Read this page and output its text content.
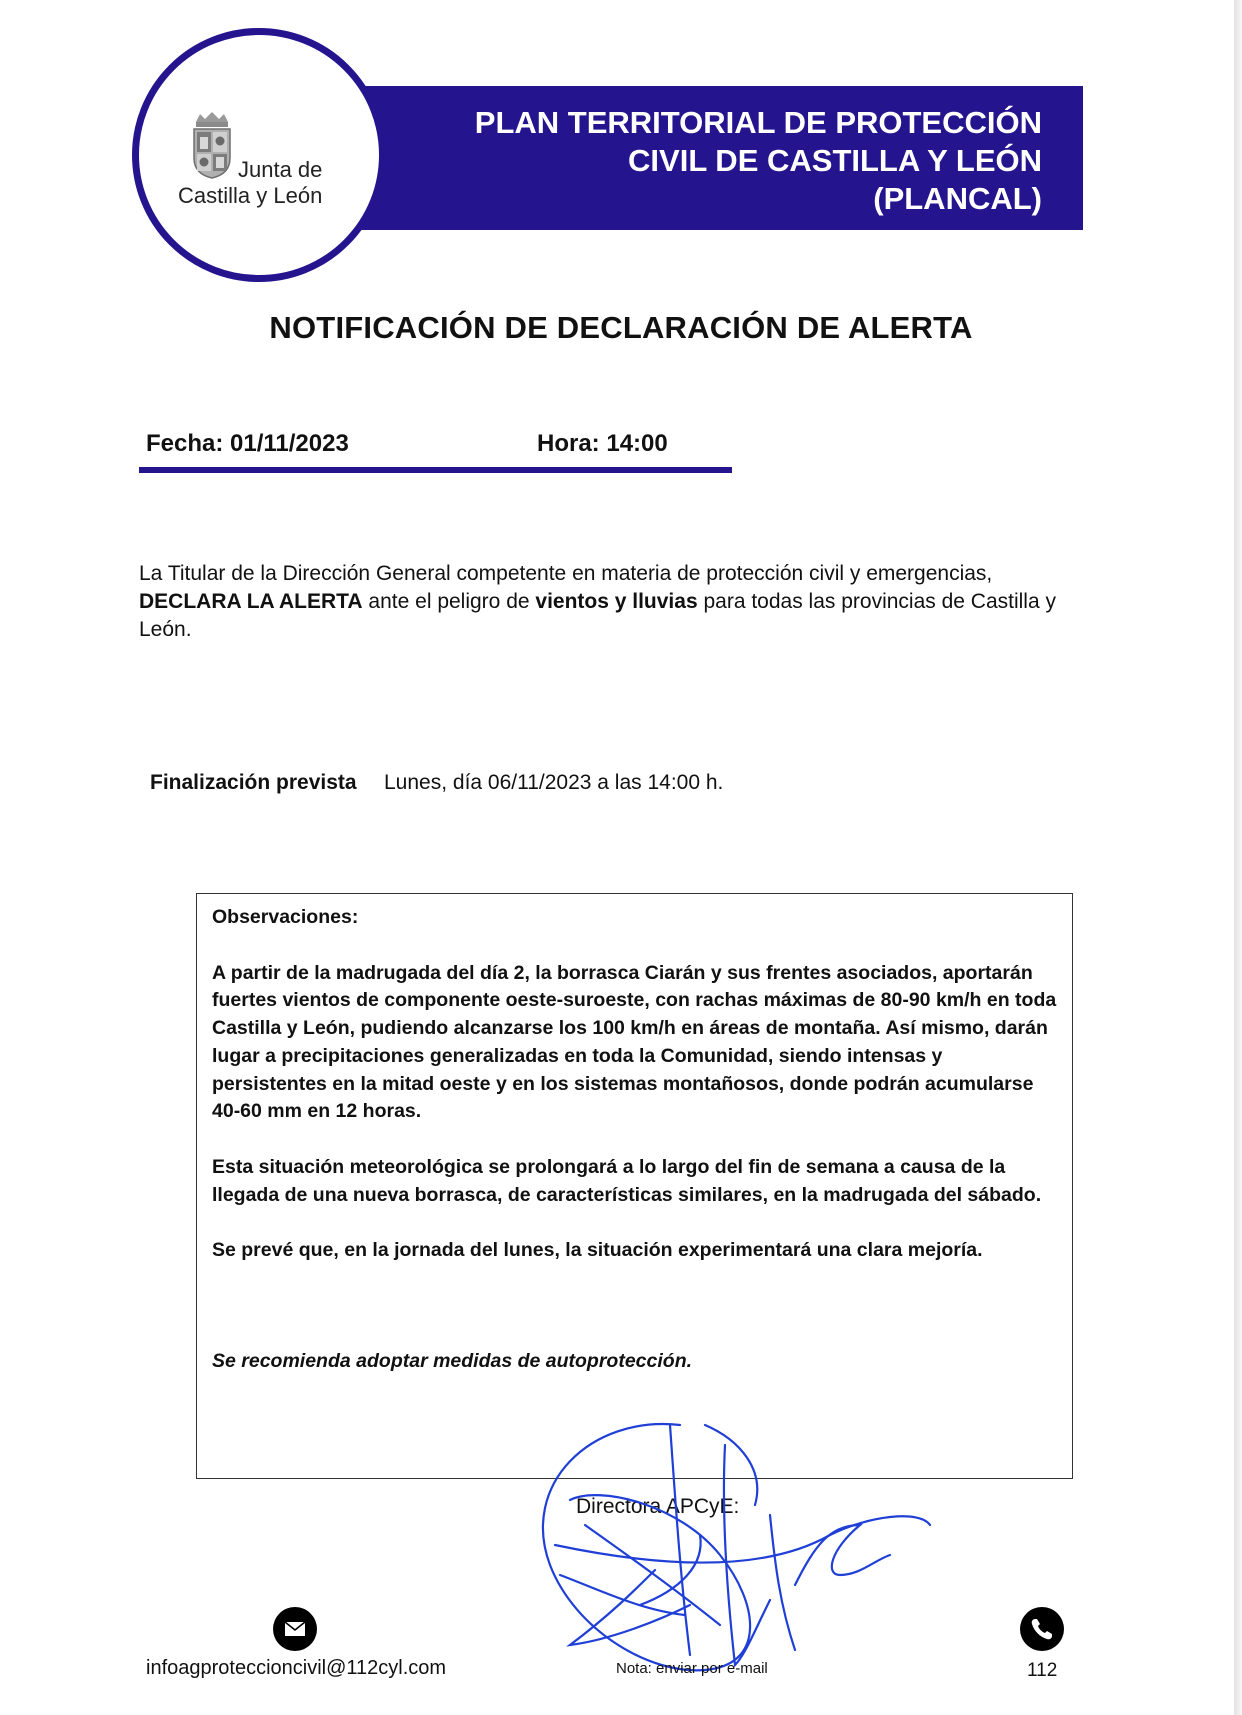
PLAN TERRITORIAL DE PROTECCIÓN
CIVIL DE CASTILLA Y LEÓN
(PLANCAL)
Junta de
Castilla y León
NOTIFICACIÓN DE DECLARACIÓN DE ALERTA
Fecha: 01/11/2023	Hora: 14:00
La Titular de la Dirección General competente en materia de protección civil y emergencias, DECLARA LA ALERTA ante el peligro de vientos y lluvias para todas las provincias de Castilla y León.
Finalización prevista Lunes, día 06/11/2023 a las 14:00 h.

Observaciones:

A partir de la madrugada del día 2, la borrasca Ciarán y sus frentes asociados, aportarán fuertes vientos de componente oeste-suroeste, con rachas máximas de 80-90 km/h en toda Castilla y León, pudiendo alcanzarse los 100 km/h en áreas de montaña. Así mismo, darán lugar a precipitaciones generalizadas en toda la Comunidad, siendo intensas y persistentes en la mitad oeste y en los sistemas montañosos, donde podrán acumularse 40-60 mm en 12 horas.

Esta situación meteorológica se prolongará a lo largo del fin de semana a causa de la llegada de una nueva borrasca, de características similares, en la madrugada del sábado.

Se prevé que, en la jornada del lunes, la situación experimentará una clara mejoría.

Se recomienda adoptar medidas de autoprotección.

Directora APCyE:
infoagproteccioncivil@112cyl.com	Nota: enviar por e-mail	112
